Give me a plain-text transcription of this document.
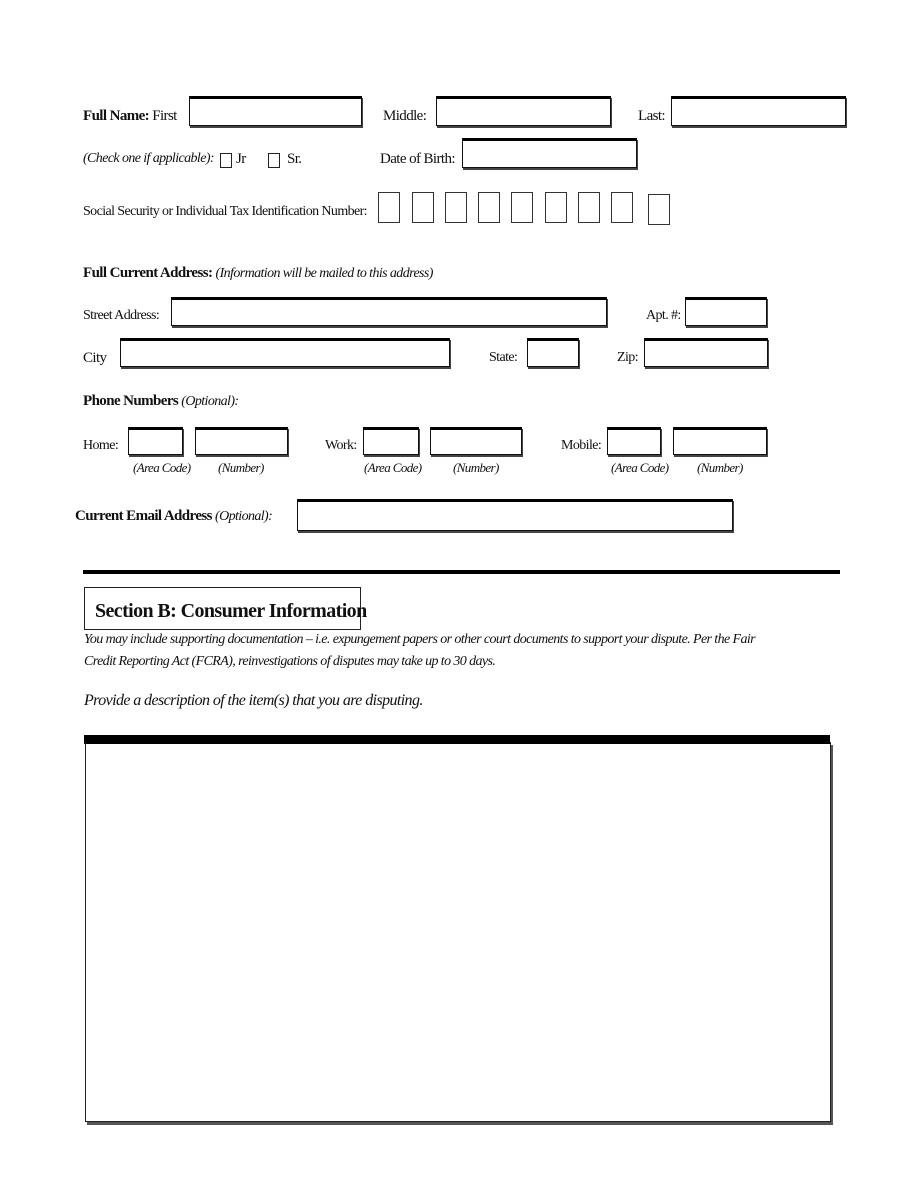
Full Name: First	Middle:	Last:
(Check one if applicable): Jr	Sr.	Date of Birth:
Social Security or Individual Tax Identification Number:
Full Current Address: (Information will be mailed to this address)
Street Address:	Apt. #:
City	State:	Zip:
Phone Numbers (Optional):
Home:
(Area Code) (Number)
Work:
(Area Code) (Number)
Mobile:
(Area Code) (Number)
Current Email Address (Optional):
Section B: Consumer Information
You may include supporting documentation – i.e. expungement papers or other court documents to support your dispute. Per the Fair
Credit Reporting Act (FCRA), reinvestigations of disputes may take up to 30 days.
Provide a description of the item(s) that you are disputing.
